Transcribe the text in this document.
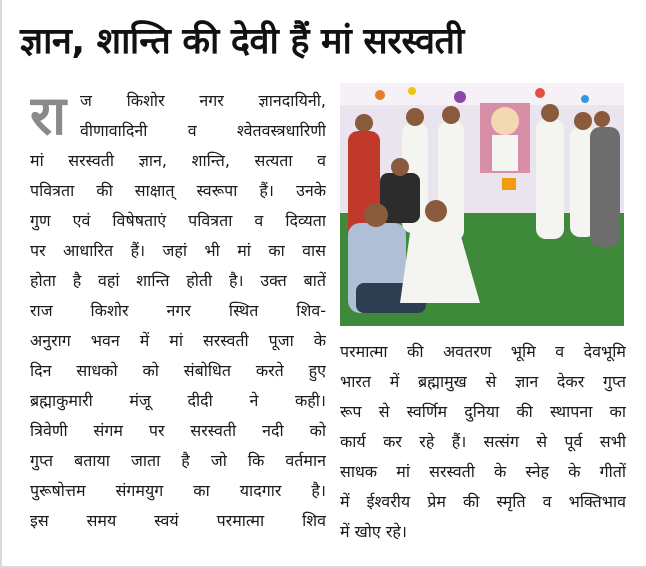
ज्ञान, शान्ति की देवी हैं मां सरस्वती
रा ज किशोर नगर ज्ञानदायिनी,
वीणावादिनी व श्वेतवस्त्रधारिणी
मां सरस्वती ज्ञान, शान्ति, सत्यता व
पवित्रता की साक्षात् स्वरूपा हैं। उनके
गुण एवं विषेषताएं पवित्रता व दिव्यता
पर आधारित हैं। जहां भी मां का वास
होता है वहां शान्ति होती है। उक्त बातें
राज किशोर नगर स्थित शिव-
अनुराग भवन में मां सरस्वती पूजा के
दिन साधको को संबोधित करते हुए
ब्रह्माकुमारी मंजू दीदी ने कही।
त्रिवेणी संगम पर सरस्वती नदी को
गुप्त बताया जाता है जो कि वर्तमान
पुरूषोत्तम संगमयुग का यादगार है।
इस समय स्वयं परमात्मा शिव
परमात्मा की अवतरण भूमि व देवभूमि
भारत में ब्रह्मामुख से ज्ञान देकर गुप्त
रूप से स्वर्णिम दुनिया की स्थापना का
कार्य कर रहे हैं। सत्संग से पूर्व सभी
साधक मां सरस्वती के स्नेह के गीतों
में ईश्वरीय प्रेम की स्मृति व भक्तिभाव
में खोए रहे।
